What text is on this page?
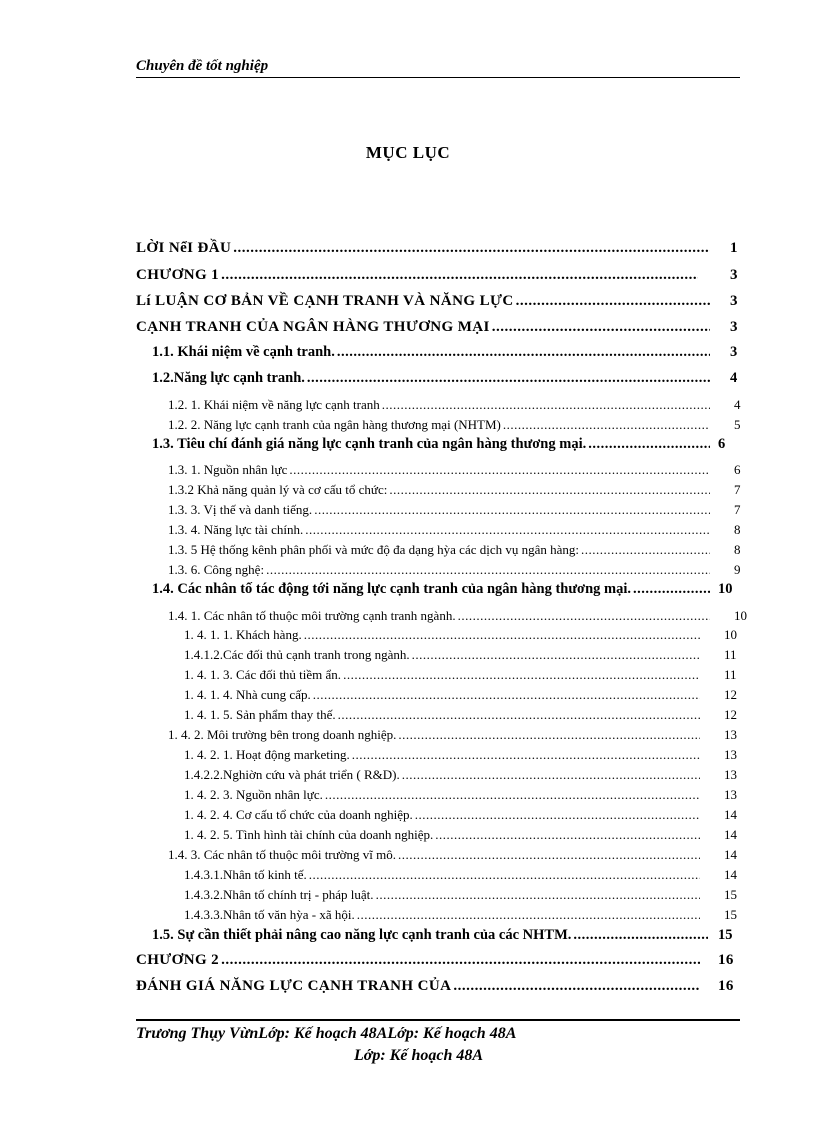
Chuyên đề tốt nghiệp
MỤC LỤC
LỜI NểI ĐẦU .....	1
CHƯƠNG 1 .....	3
Lí LUẬN CƠ BẢN VỀ CẠNH TRANH VÀ NĂNG LỰC .....	3
CẠNH TRANH CỦA NGÂN HÀNG THƯƠNG MẠI .....	3
1.1. Khái niệm về cạnh tranh. .....	3
1.2.Năng lực cạnh tranh. .....	4
1.2. 1. Khái niệm về năng lực cạnh tranh .....	4
1.2. 2. Năng lực cạnh tranh của ngân hàng thương mại (NHTM) .....	5
1.3. Tiêu chí đánh giá năng lực cạnh tranh của ngân hàng thương mại. .....	6
1.3. 1. Nguồn nhân lực .....	6
1.3.2 Khả năng quản lý và cơ cấu tổ chức: .....	7
1.3. 3. Vị thế và danh tiếng. .....	7
1.3. 4. Năng lực tài chính. .....	8
1.3. 5 Hệ thống kênh phân phối và mức độ đa dạng hỳa các dịch vụ ngân hàng: .....	8
1.3. 6. Công nghệ: .....	9
1.4. Các nhân tố tác động tới năng lực cạnh tranh của ngân hàng thương mại. .....	10
1.4. 1. Các nhân tố thuộc môi trường cạnh tranh ngành. .....	10
1. 4. 1. 1. Khách hàng. .....	10
1.4.1.2.Các đối thủ cạnh tranh trong ngành. .....	11
1. 4. 1. 3. Các đối thủ tiềm ẩn. .....	11
1. 4. 1. 4. Nhà cung cấp. .....	12
1. 4. 1. 5. Sản phẩm thay thế. .....	12
1. 4. 2. Môi trường bên trong doanh nghiệp. .....	13
1. 4. 2. 1. Hoạt động marketing. .....	13
1.4.2.2.Nghiờn cứu và phát triển ( R&D). .....	13
1. 4. 2. 3. Nguồn nhân lực. .....	13
1. 4. 2. 4. Cơ cấu tổ chức của doanh nghiệp. .....	14
1. 4. 2. 5. Tình hình tài chính của doanh nghiệp. .....	14
1.4. 3. Các nhân tố thuộc môi trường vĩ mô. .....	14
1.4.3.1.Nhân tố kinh tế. .....	14
1.4.3.2.Nhân tố chính trị - pháp luật. .....	15
1.4.3.3.Nhân tố văn hỳa - xã hội. .....	15
1.5. Sự cần thiết phải nâng cao năng lực cạnh tranh của các NHTM. .....	15
CHƯƠNG 2 .....	16
ĐÁNH GIÁ NĂNG LỰC CẠNH TRANH CỦA .....	16
Trương Thụy VừnLớp: Kế hoạch 48ALớp: Kế hoạch 48A
Lớp: Kế hoạch 48A
